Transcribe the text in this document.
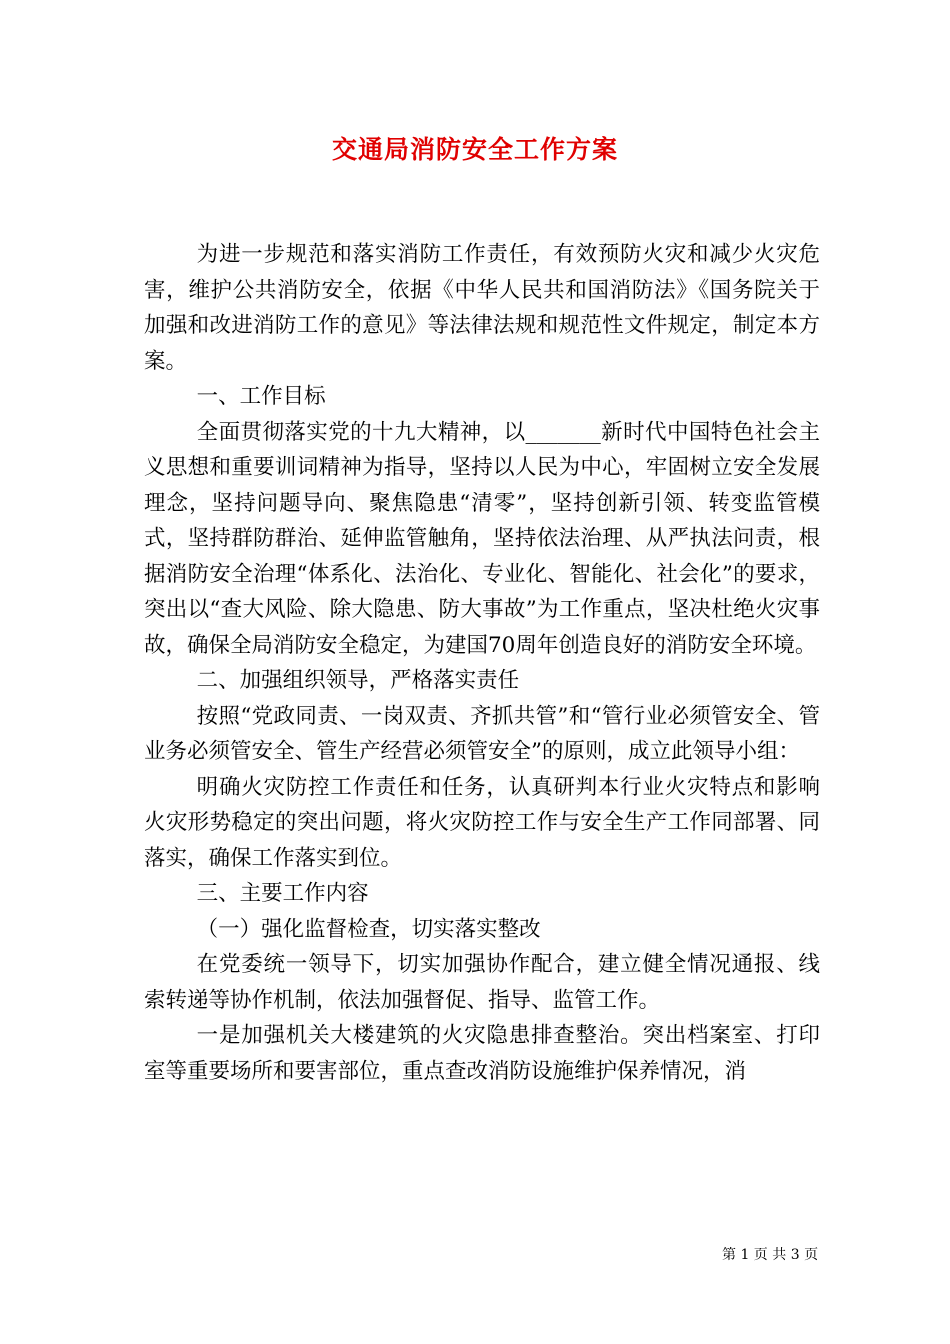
交通局消防安全工作方案

为进一步规范和落实消防工作责任，有效预防火灾和减少火灾危害，维护公共消防安全，依据《中华人民共和国消防法》《国务院关于加强和改进消防工作的意见》等法律法规和规范性文件规定，制定本方案。

一、工作目标

全面贯彻落实党的十九大精神，以_______新时代中国特色社会主义思想和重要训词精神为指导，坚持以人民为中心，牢固树立安全发展理念，坚持问题导向、聚焦隐患“清零”，坚持创新引领、转变监管模式，坚持群防群治、延伸监管触角，坚持依法治理、从严执法问责，根据消防安全治理“体系化、法治化、专业化、智能化、社会化”的要求，突出以“查大风险、除大隐患、防大事故”为工作重点，坚决杜绝火灾事故，确保全局消防安全稳定，为建国70周年创造良好的消防安全环境。

二、加强组织领导，严格落实责任

按照“党政同责、一岗双责、齐抓共管”和“管行业必须管安全、管业务必须管安全、管生产经营必须管安全”的原则，成立此领导小组：

明确火灾防控工作责任和任务，认真研判本行业火灾特点和影响火灾形势稳定的突出问题，将火灾防控工作与安全生产工作同部署、同落实，确保工作落实到位。

三、主要工作内容

（一）强化监督检查，切实落实整改

在党委统一领导下，切实加强协作配合，建立健全情况通报、线索转递等协作机制，依法加强督促、指导、监管工作。

一是加强机关大楼建筑的火灾隐患排查整治。突出档案室、打印室等重要场所和要害部位，重点查改消防设施维护保养情况，消

第 1 页 共 3 页
